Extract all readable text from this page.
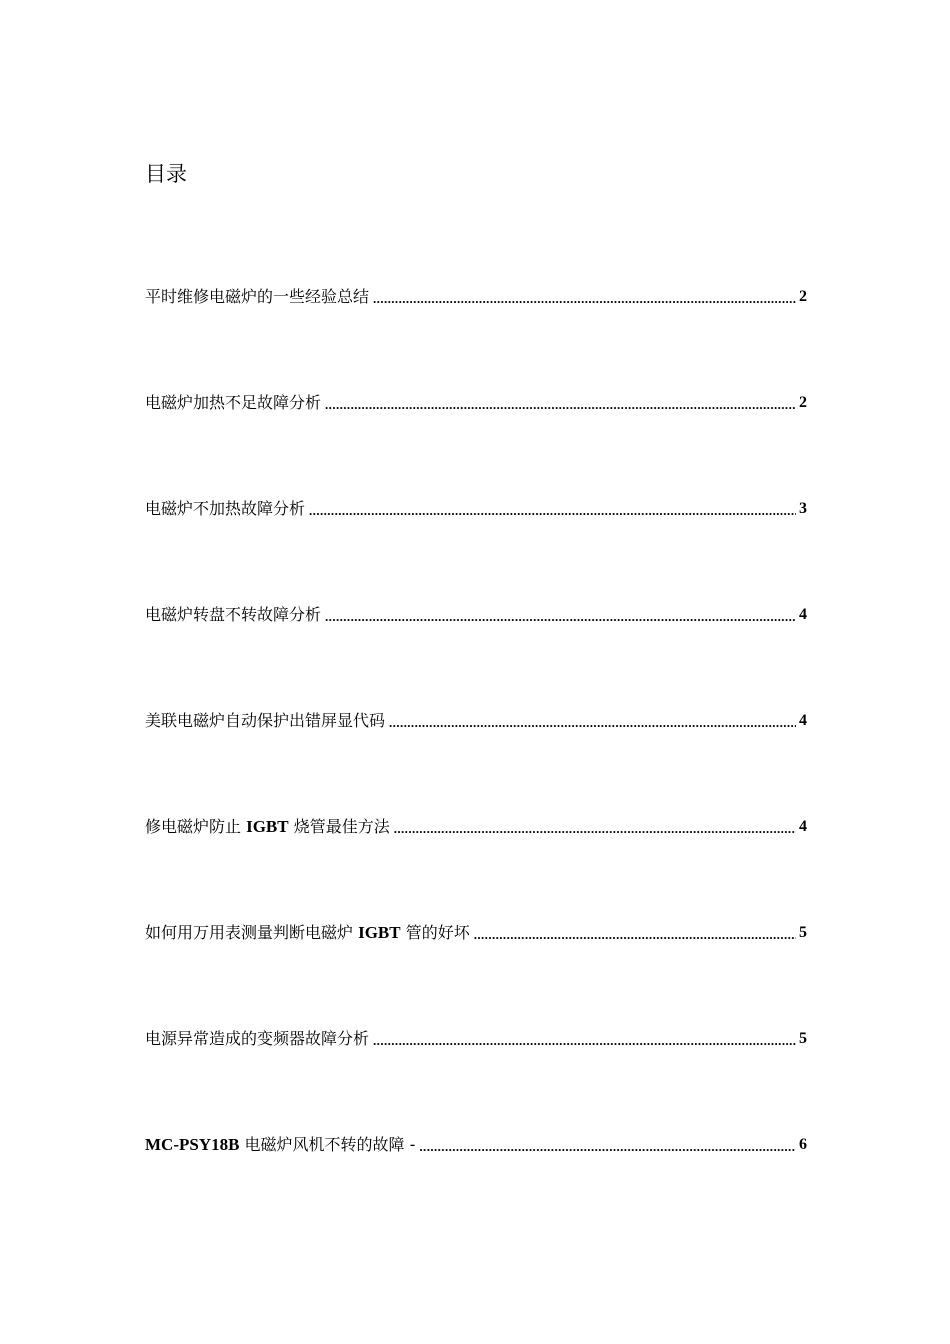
目录
平时维修电磁炉的一些经验总结 .....	2
电磁炉加热不足故障分析 .....	2
电磁炉不加热故障分析 .....	3
电磁炉转盘不转故障分析 .....	4
美联电磁炉自动保护出错屏显代码 .....	4
修电磁炉防止 IGBT 烧管最佳方法 .....	4
如何用万用表测量判断电磁炉 IGBT 管的好坏 .....	5
电源异常造成的变频器故障分析 .....	5
MC-PSY18B 电磁炉风机不转的故障 - .....	6
